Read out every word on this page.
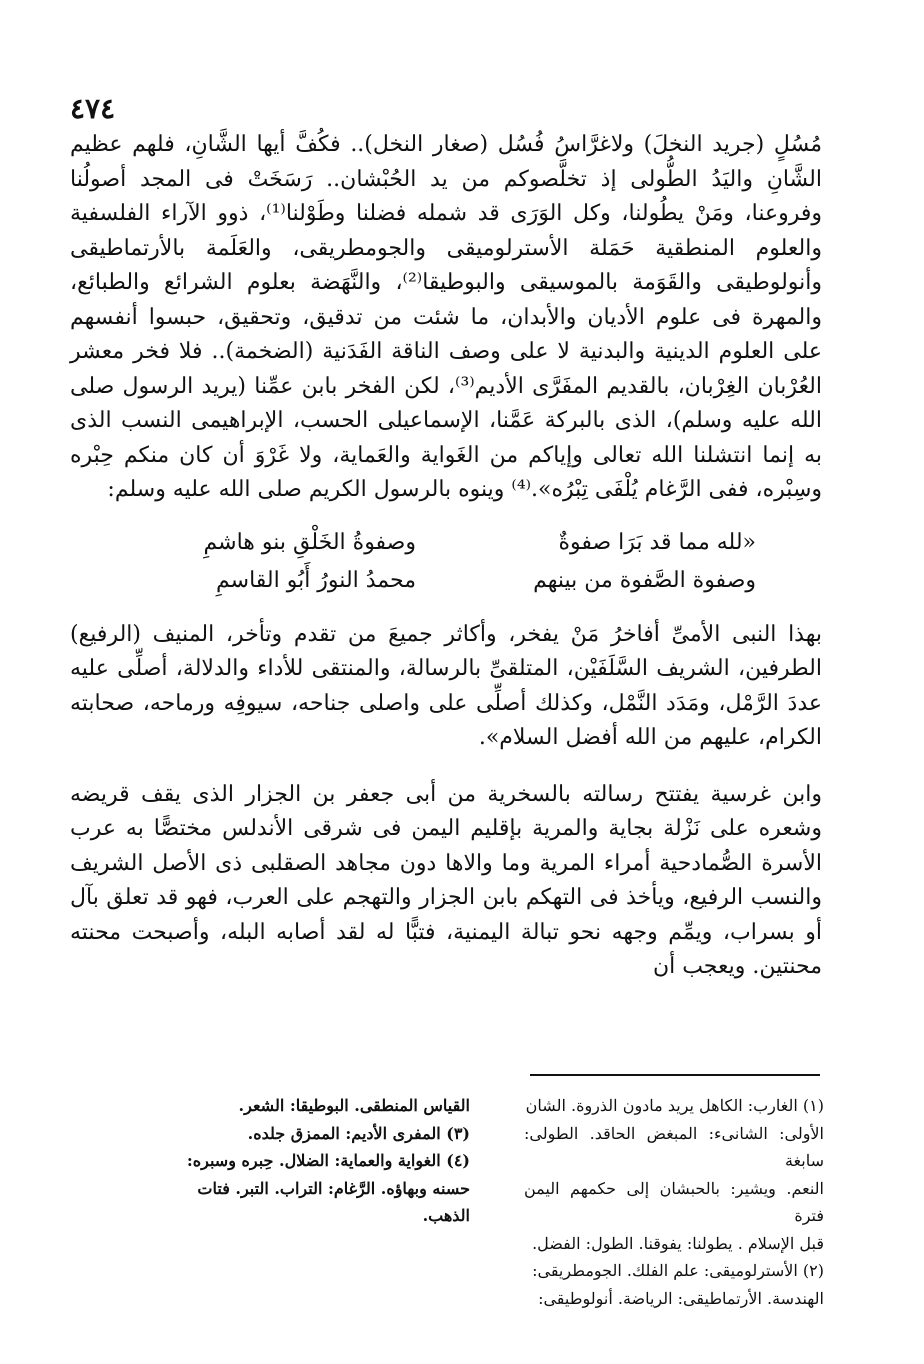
٤٧٤

مُسُلٍ (جريد النخلَ) ولاغرَّاسُ فُسُل (صغار النخل).. فكُفَّ أيها الشَّانِ، فلهم عظيم الشَّانِ واليَدُ الطُّولى إذ تخلَّصوكم من يد الحُبْشان.. رَسَخَتْ فى المجد أصولُنا وفروعنا، ومَنْ يطُولنا، وكل الوَرَى قد شمله فضلنا وطَوْلنا⁽¹⁾، ذوو الآراء الفلسفية والعلوم المنطقية حَمَلة الأسترلوميقى والجومطريقى، والعَلَمة بالأرتماطيقى وأنولوطيقى والقَوَمة بالموسيقى والبوطيقا⁽²⁾، والنَّهَضة بعلوم الشرائع والطبائع، والمهرة فى علوم الأديان والأبدان، ما شئت من تدقيق، وتحقيق، حبسوا أنفسهم على العلوم الدينية والبدنية لا على وصف الناقة الفَدَنية (الضخمة).. فلا فخر معشر العُرْبان الغِرْبان، بالقديم المفَرَّى الأديم⁽³⁾، لكن الفخر بابن عمِّنا (يريد الرسول صلى الله عليه وسلم)، الذى بالبركة عَمَّنا، الإسماعيلى الحسب، الإبراهيمى النسب الذى به إنما انتشلنا الله تعالى وإياكم من الغَواية والعَماية، ولا غَرْوَ أن كان منكم حِبْره وسِبْره، ففى الرَّغام يُلْفَى تِبْرُه».⁽⁴⁾ وينوه بالرسول الكريم صلى الله عليه وسلم:

«لله مما قد بَرَا صفوةٌ
وصفوةُ الخَلْقِ بنو هاشمِ
وصفوة الصَّفوة من بينهم
محمدُ النورُ أَبُو القاسمِ

بهذا النبى الأمىِّ أفاخرُ مَنْ يفخر، وأكاثر جميعَ من تقدم وتأخر، المنيف (الرفيع) الطرفين، الشريف السَّلَفَيْن، المتلقىِّ بالرسالة، والمنتقى للأداء والدلالة، أصلِّى عليه عددَ الرَّمْل، ومَدَد النَّمْل، وكذلك أصلِّى على واصلى جناحه، سيوفِه ورماحه، صحابته الكرام، عليهم من الله أفضل السلام».

وابن غرسية يفتتح رسالته بالسخرية من أبى جعفر بن الجزار الذى يقف قريضه وشعره على نَزْلة بجاية والمرية بإقليم اليمن فى شرقى الأندلس مختصًّا به عرب الأسرة الصُّمادحية أمراء المرية وما والاها دون مجاهد الصقلبى ذى الأصل الشريف والنسب الرفيع، ويأخذ فى التهكم بابن الجزار والتهجم على العرب، فهو قد تعلق بآل أو بسراب، ويمِّم وجهه نحو تبالة اليمنية، فتبًّا له لقد أصابه البله، وأصبحت محنته محنتين. ويعجب أن

(١) الغارب: الكاهل يريد مادون الذروة. الشان
الأولى: الشانىء: المبغض الحاقد. الطولى: سابغة
النعم. ويشير: بالحبشان إلى حكمهم اليمن فترة
قبل الإسلام . يطولنا: يفوقنا. الطول: الفضل.
(٢) الأسترلوميقى: علم الفلك. الجومطريقى:
الهندسة. الأرتماطيقى: الرياضة. أنولوطيقى:
القياس المنطقى. البوطيقا: الشعر.
(٣) المفرى الأديم: الممزق جلده.
(٤) الغواية والعماية: الضلال. حِبره وسبره:
حسنه وبهاؤه. الرَّغام: التراب. التبر. فتات
الذهب.
